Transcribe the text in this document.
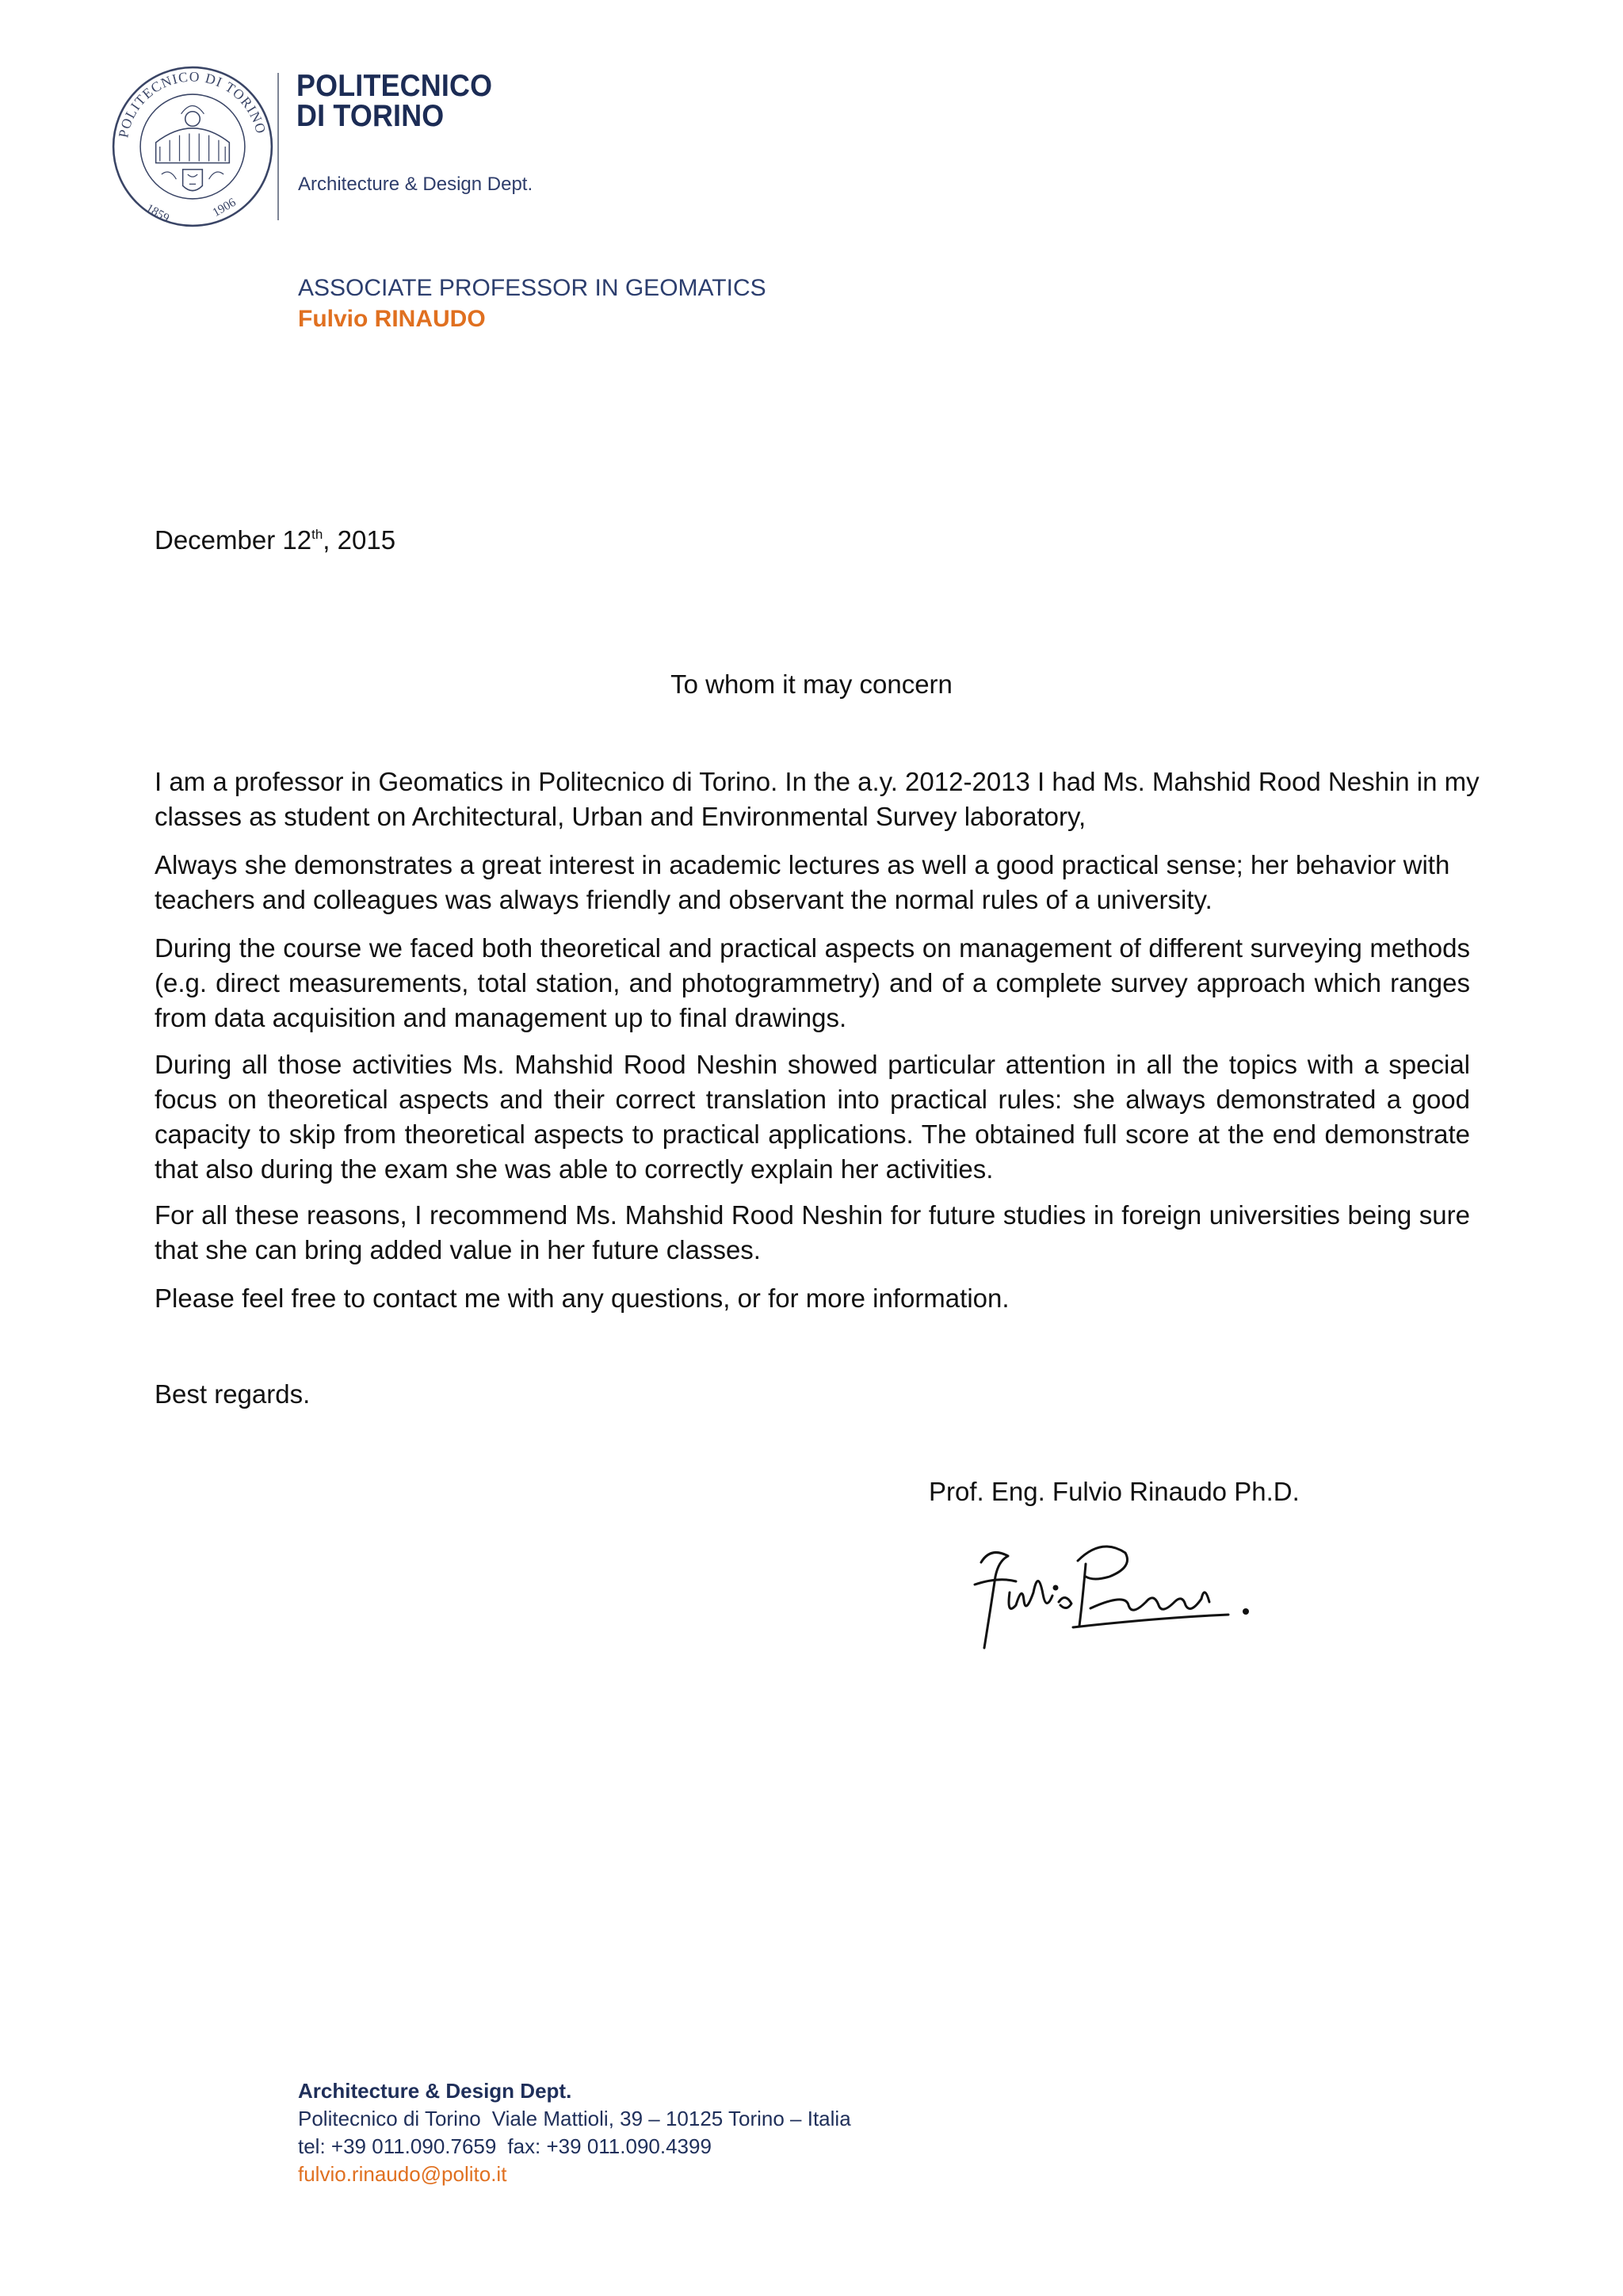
POLITECNICO DI TORINO
1859	1906
POLITECNICO
DI TORINO
Architecture & Design Dept.
ASSOCIATE PROFESSOR IN GEOMATICS
Fulvio RINAUDO
December 12th, 2015
To whom it may concern

I am a professor in Geomatics in Politecnico di Torino. In the a.y. 2012-2013 I had Ms. Mahshid Rood Neshin in my classes as student on Architectural, Urban and Environmental Survey laboratory,

Always she demonstrates a great interest in academic lectures as well a good practical sense; her behavior with teachers and colleagues was always friendly and observant the normal rules of a university.

During the course we faced both theoretical and practical aspects on management of different surveying methods (e.g. direct measurements, total station, and photogrammetry) and of a complete survey approach which ranges from data acquisition and management up to final drawings.

During all those activities Ms. Mahshid Rood Neshin showed particular attention in all the topics with a special focus on theoretical aspects and their correct translation into practical rules: she always demonstrated a good capacity to skip from theoretical aspects to practical applications. The obtained full score at the end demonstrate that also during the exam she was able to correctly explain her activities.

For all these reasons, I recommend Ms. Mahshid Rood Neshin for future studies in foreign universities being sure that she can bring added value in her future classes.

Please feel free to contact me with any questions, or for more information.

Best regards.
Prof. Eng. Fulvio Rinaudo Ph.D.
Architecture & Design Dept.
Politecnico di Torino Viale Mattioli, 39 – 10125 Torino – Italia
tel: +39 011.090.7659 fax: +39 011.090.4399
fulvio.rinaudo@polito.it
